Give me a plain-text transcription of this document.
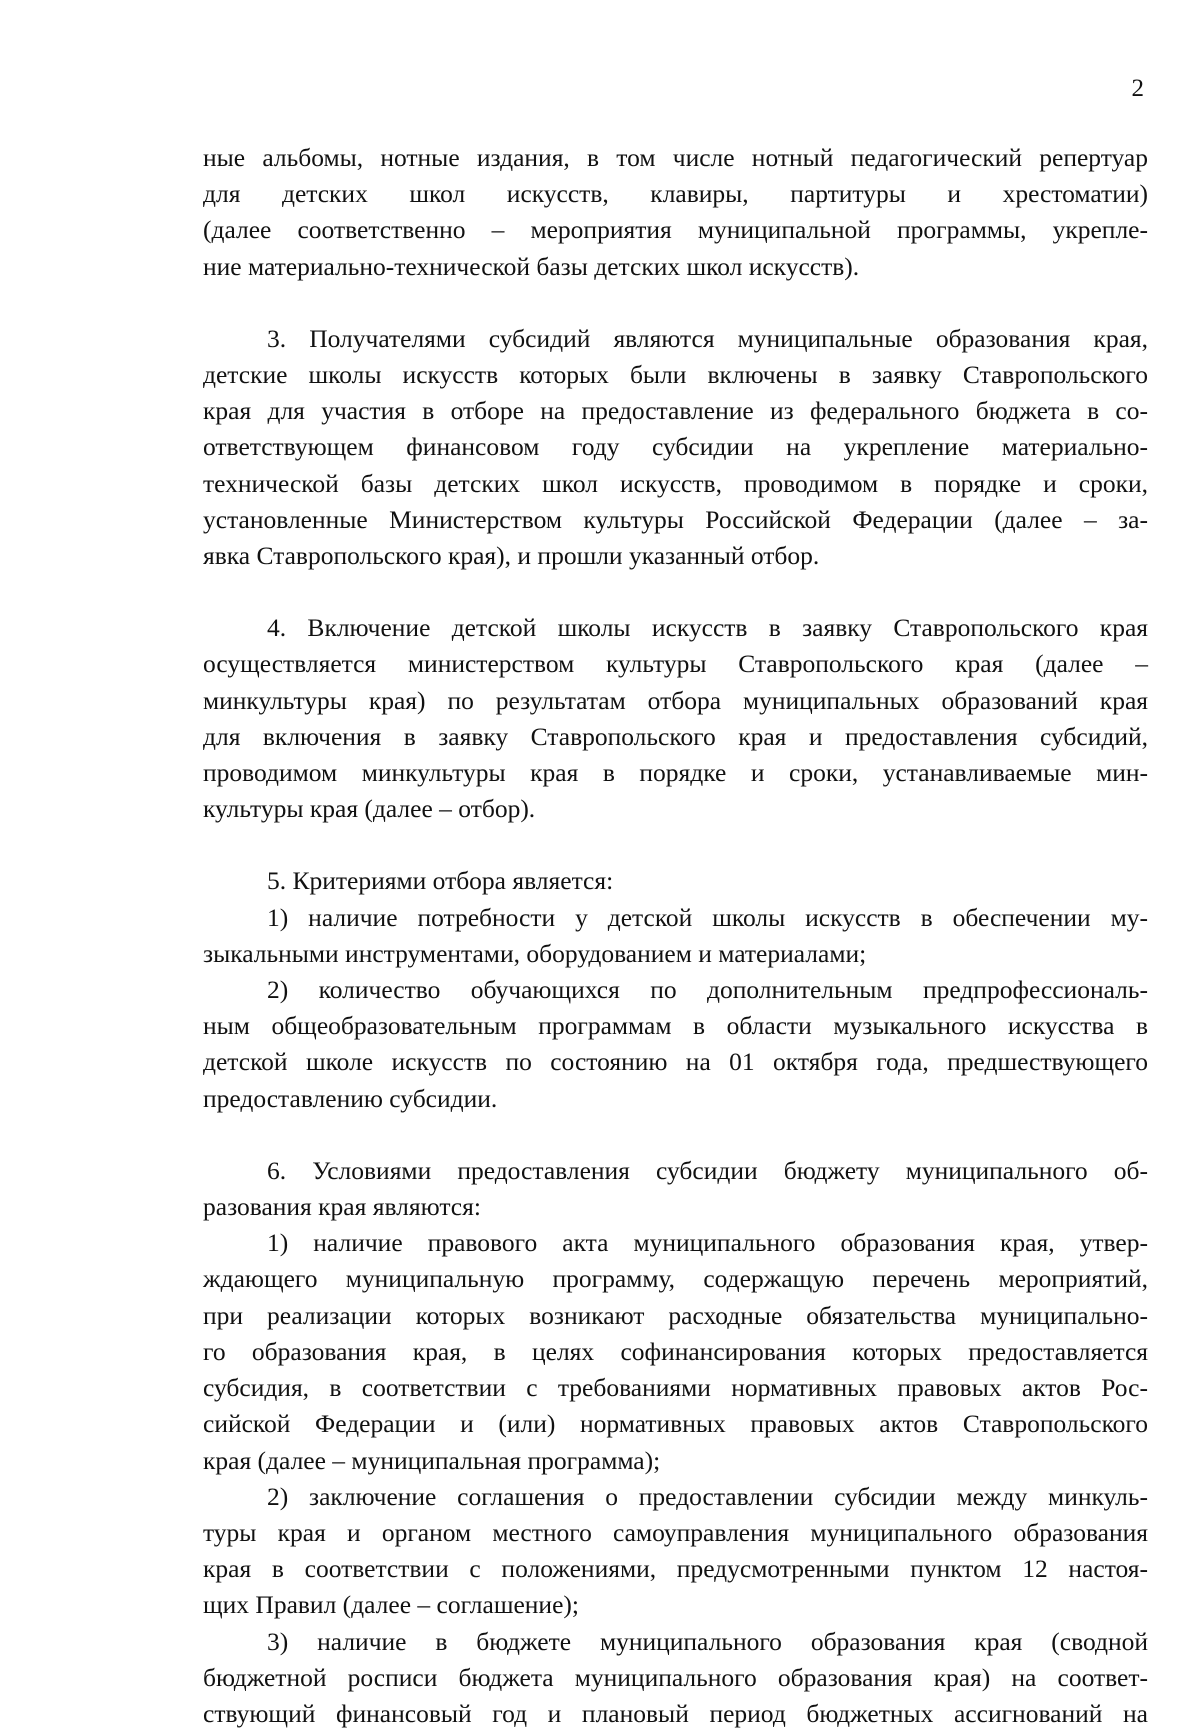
2
ные альбомы, нотные издания, в том числе нотный педагогический репертуар
для детских школ искусств, клавиры, партитуры и хрестоматии)
(далее соответственно – мероприятия муниципальной программы, укрепле-
ние материально-технической базы детских школ искусств).
3. Получателями субсидий являются муниципальные образования края,
детские школы искусств которых были включены в заявку Ставропольского
края для участия в отборе на предоставление из федерального бюджета в со-
ответствующем финансовом году субсидии на укрепление материально-
технической базы детских школ искусств, проводимом в порядке и сроки,
установленные Министерством культуры Российской Федерации (далее – за-
явка Ставропольского края), и прошли указанный отбор.
4. Включение детской школы искусств в заявку Ставропольского края
осуществляется министерством культуры Ставропольского края (далее –
минкультуры края) по результатам отбора муниципальных образований края
для включения в заявку Ставропольского края и предоставления субсидий,
проводимом минкультуры края в порядке и сроки, устанавливаемые мин-
культуры края (далее – отбор).
5. Критериями отбора является:
1) наличие потребности у детской школы искусств в обеспечении му-
зыкальными инструментами, оборудованием и материалами;
2) количество обучающихся по дополнительным предпрофессиональ-
ным общеобразовательным программам в области музыкального искусства в
детской школе искусств по состоянию на 01 октября года, предшествующего
предоставлению субсидии.
6. Условиями предоставления субсидии бюджету муниципального об-
разования края являются:
1) наличие правового акта муниципального образования края, утвер-
ждающего муниципальную программу, содержащую перечень мероприятий,
при реализации которых возникают расходные обязательства муниципально-
го образования края, в целях софинансирования которых предоставляется
субсидия, в соответствии с требованиями нормативных правовых актов Рос-
сийской Федерации и (или) нормативных правовых актов Ставропольского
края (далее – муниципальная программа);
2) заключение соглашения о предоставлении субсидии между минкуль-
туры края и органом местного самоуправления муниципального образования
края в соответствии с положениями, предусмотренными пунктом 12 настоя-
щих Правил (далее – соглашение);
3) наличие в бюджете муниципального образования края (сводной
бюджетной росписи бюджета муниципального образования края) на соответ-
ствующий финансовый год и плановый период бюджетных ассигнований на
